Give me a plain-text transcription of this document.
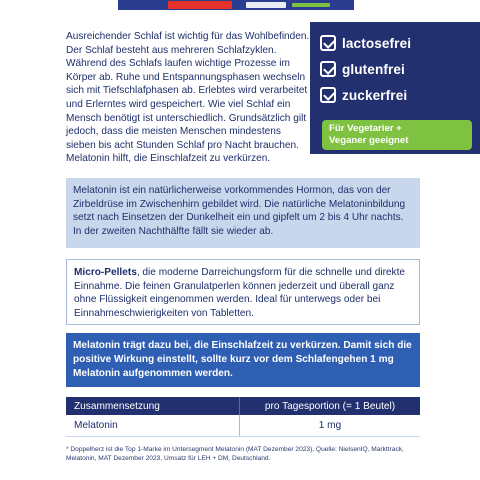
Ausreichender Schlaf ist wichtig für das Wohlbefinden. Der Schlaf besteht aus mehreren Schlafzyklen. Während des Schlafs laufen wichtige Prozesse im Körper ab. Ruhe und Entspannungsphasen wechseln sich mit Tiefschlafphasen ab. Erlebtes wird verarbeitet und Erlerntes wird gespeichert. Wie viel Schlaf ein Mensch benötigt ist unterschiedlich. Grundsätzlich gilt jedoch, dass die meisten Menschen mindestens sieben bis acht Stunden Schlaf pro Nacht brauchen. Melatonin hilft, die Einschlafzeit zu verkürzen.
lactosefrei
glutenfrei
zuckerfrei
Für Vegetarier +
Veganer geeignet
Melatonin ist ein natürlicherweise vorkommendes Hormon, das von der Zirbeldrüse im Zwischenhirn gebildet wird. Die natürliche Melatoninbildung setzt nach Einsetzen der Dunkelheit ein und gipfelt um 2 bis 4 Uhr nachts. In der zweiten Nachthälfte fällt sie wieder ab.
Micro-Pellets, die moderne Darreichungsform für die schnelle und direkte Einnahme. Die feinen Granulatperlen können jederzeit und überall ganz ohne Flüssigkeit eingenommen werden. Ideal für unterwegs oder bei Einnahmeschwierigkeiten von Tabletten.
Melatonin trägt dazu bei, die Einschlafzeit zu verkürzen. Damit sich die positive Wirkung einstellt, sollte kurz vor dem Schlafengehen 1 mg Melatonin aufgenommen werden.
Zusammensetzung	pro Tagesportion (= 1 Beutel)
Melatonin	1 mg
* Doppelherz ist die Top 1-Marke im Untersegment Melatonin (MAT Dezember 2023), Quelle: NielsenIQ, Markttrack, Melatonin, MAT Dezember 2023, Umsatz für LEH + DM, Deutschland.
